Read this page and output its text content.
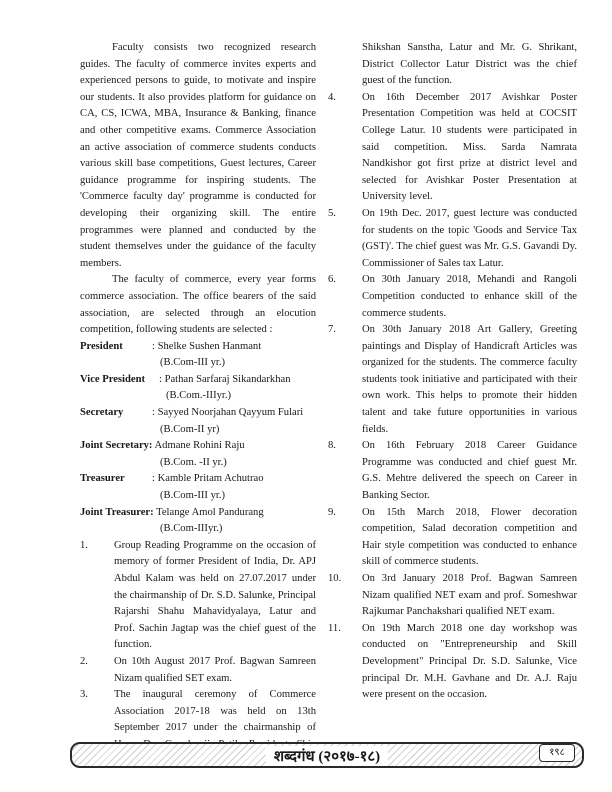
Faculty consists two recognized research guides. The faculty of commerce invites experts and experienced persons to guide, to motivate and inspire our students. It also provides platform for guidance on CA, CS, ICWA, MBA, Insurance & Banking, finance and other competitive exams. Commerce Association an active association of commerce students conducts various skill base competitions, Guest lectures, Career guidance programme for inspiring students. The 'Commerce faculty day' programme is conducted for developing their organizing skill. The entire programmes were planned and conducted by the student themselves under the guidance of the faculty members.

The faculty of commerce, every year forms commerce association. The office bearers of the said association, are selected through an elocution competition, following students are selected :

President	: Shelke Sushen Hanmant
(B.Com-III yr.)
Vice President	: Pathan Sarfaraj Sikandarkhan
(B.Com.-IIIyr.)
Secretary	: Sayyed Noorjahan Qayyum Fulari
(B.Com-II yr)
Joint Secretary: Admane Rohini Raju
(B.Com. -II yr.)
Treasurer	: Kamble Pritam Achutrao
(B.Com-III yr.)
Joint Treasurer: Telange Amol Pandurang
(B.Com-IIIyr.)
1.	Group Reading Programme on the occasion of memory of former President of India, Dr. APJ Abdul Kalam was held on 27.07.2017 under the chairmanship of Dr. S.D. Salunke, Principal Rajarshi Shahu Mahavidyalaya, Latur and Prof. Sachin Jagtap was the chief guest of the function.
2.	On 10th August 2017 Prof. Bagwan Samreen Nizam qualified SET exam.
3.	The inaugural ceremony of Commerce Association 2017-18 was held on 13th September 2017 under the chairmanship of

Shikshan Sanstha, Latur and Mr. G. Shrikant, District Collector Latur District was the chief guest of the function.

4.	On 16th December 2017 Avishkar Poster Presentation Competition was held at COCSIT College Latur. 10 students were participated in said competition. Miss. Sarda Namrata Nandkishor got first prize at district level and selected for Avishkar Poster Presentation at University level.
5.	On 19th Dec. 2017, guest lecture was conducted for students on the topic 'Goods and Service Tax (GST)'. The chief guest was Mr. G.S. Gavandi Dy. Commissioner of Sales tax Latur.
6.	On 30th January 2018, Mehandi and Rangoli Competition conducted to enhance skill of the commerce students.
7.	On 30th January 2018 Art Gallery, Greeting paintings and Display of Handicraft Articles was organized for the students. The commerce faculty students took initiative and participated with their own work. This helps to promote their hidden talent and take future opportunities in various fields.
8.	On 16th February 2018 Career Guidance Programme was conducted and chief guest Mr. G.S. Mehtre delivered the speech on Career in Banking Sector.
9.	On 15th March 2018, Flower decoration competition, Salad decoration competition and Hair style competition was conducted to enhance skill of commerce students.
10.	On 3rd January 2018 Prof. Bagwan Samreen Nizam qualified NET exam and prof. Someshwar Rajkumar Panchakshari qualified NET exam.
11.	On 19th March 2018 one day workshop was conducted on "Entrepreneurship and Skill Development" Principal Dr. S.D. Salunke, Vice principal Dr. M.H. Gavhane and Dr. A.J. Raju were present on the occasion.
शब्दगंध (२०१७-१८)	१९८
